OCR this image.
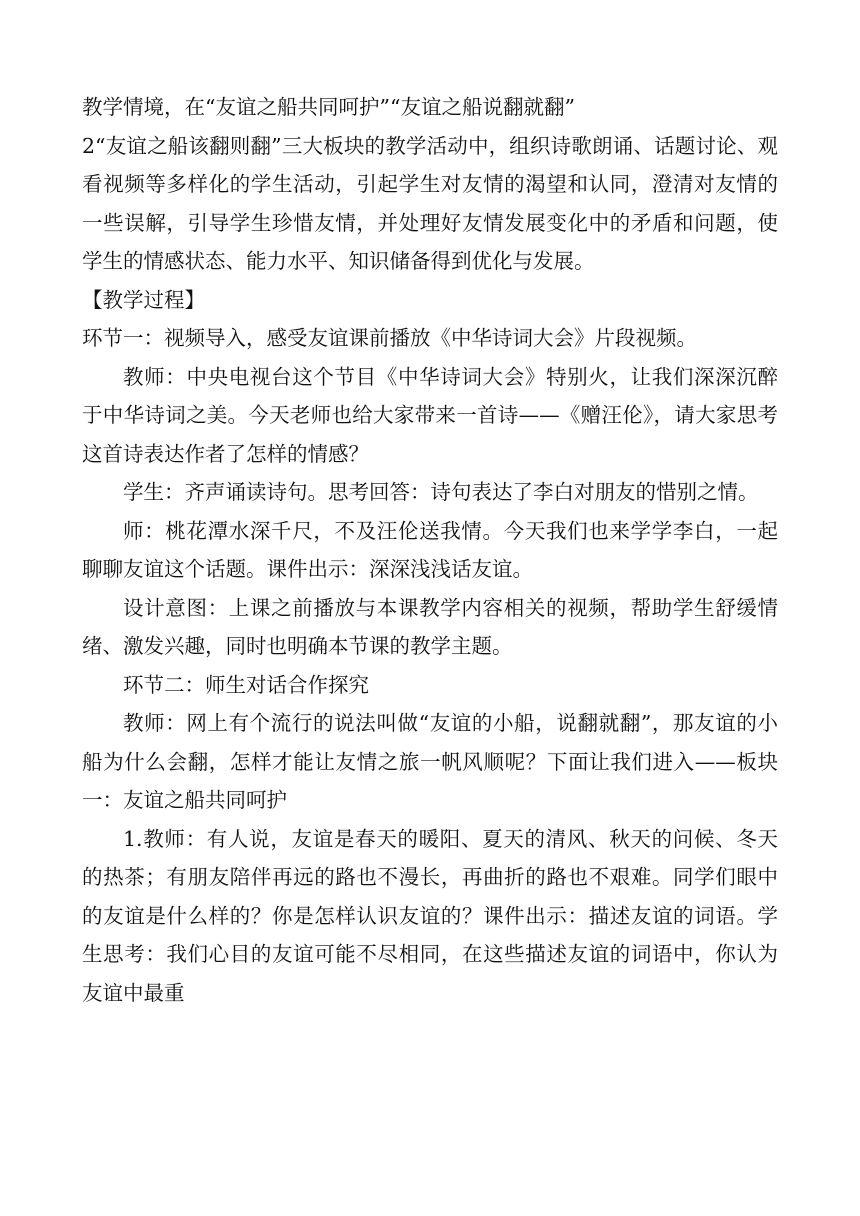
教学情境，在“友谊之船共同呵护”“友谊之船说翻就翻”

2“友谊之船该翻则翻”三大板块的教学活动中，组织诗歌朗诵、话题讨论、观看视频等多样化的学生活动，引起学生对友情的渴望和认同，澄清对友情的一些误解，引导学生珍惜友情，并处理好友情发展变化中的矛盾和问题，使学生的情感状态、能力水平、知识储备得到优化与发展。

【教学过程】

环节一：视频导入，感受友谊课前播放《中华诗词大会》片段视频。

教师：中央电视台这个节目《中华诗词大会》特别火，让我们深深沉醉于中华诗词之美。今天老师也给大家带来一首诗——《赠汪伦》，请大家思考这首诗表达作者了怎样的情感？

学生：齐声诵读诗句。思考回答：诗句表达了李白对朋友的惜别之情。

师：桃花潭水深千尺，不及汪伦送我情。今天我们也来学学李白，一起聊聊友谊这个话题。课件出示：深深浅浅话友谊。

设计意图：上课之前播放与本课教学内容相关的视频，帮助学生舒缓情绪、激发兴趣，同时也明确本节课的教学主题。

环节二：师生对话合作探究

教师：网上有个流行的说法叫做“友谊的小船，说翻就翻”，那友谊的小船为什么会翻，怎样才能让友情之旅一帆风顺呢？下面让我们进入——板块一：友谊之船共同呵护

1.教师：有人说，友谊是春天的暖阳、夏天的清风、秋天的问候、冬天的热茶；有朋友陪伴再远的路也不漫长，再曲折的路也不艰难。同学们眼中的友谊是什么样的？你是怎样认识友谊的？课件出示：描述友谊的词语。学生思考：我们心目的友谊可能不尽相同，在这些描述友谊的词语中，你认为友谊中最重
